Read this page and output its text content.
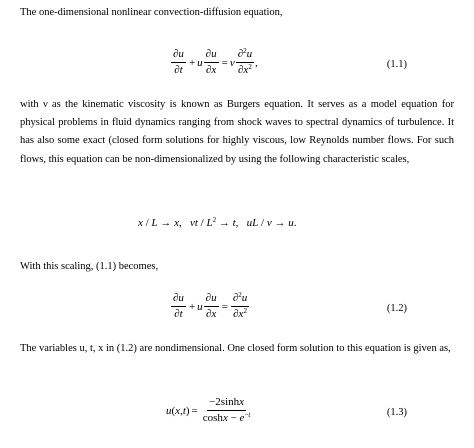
The one-dimensional nonlinear convection-diffusion equation,

$\frac{\partial u}{\partial t} + u \frac{\partial u}{\partial x} = \nu \frac{\partial^2u}{\partial x^2}$ ,	(1.1)

with ν as the kinematic viscosity is known as Burgers equation. It serves as a model equation for physical problems in fluid dynamics ranging from shock waves to spectral dynamics of turbulence. It has also some exact (closed form solutions for highly viscous, low Reynolds number flows. For such flows, this equation can be non-dimensionalized by using the following characteristic scales,

x / L → x,   $\nu t / L^2 \to t$,   uL / ν → u.

With this scaling, (1.1) becomes,

$\frac{\partial u}{\partial t} + u \frac{\partial u}{\partial x} = \frac{\partial^2u}{\partial x^2}$	(1.2)

The variables u, t, x in (1.2) are nondimensional. One closed form solution to this equation is given as,

u ( x , t ) = $\frac{-2\sinh x}{\cosh x - e^{-t}}$	(1.3)
